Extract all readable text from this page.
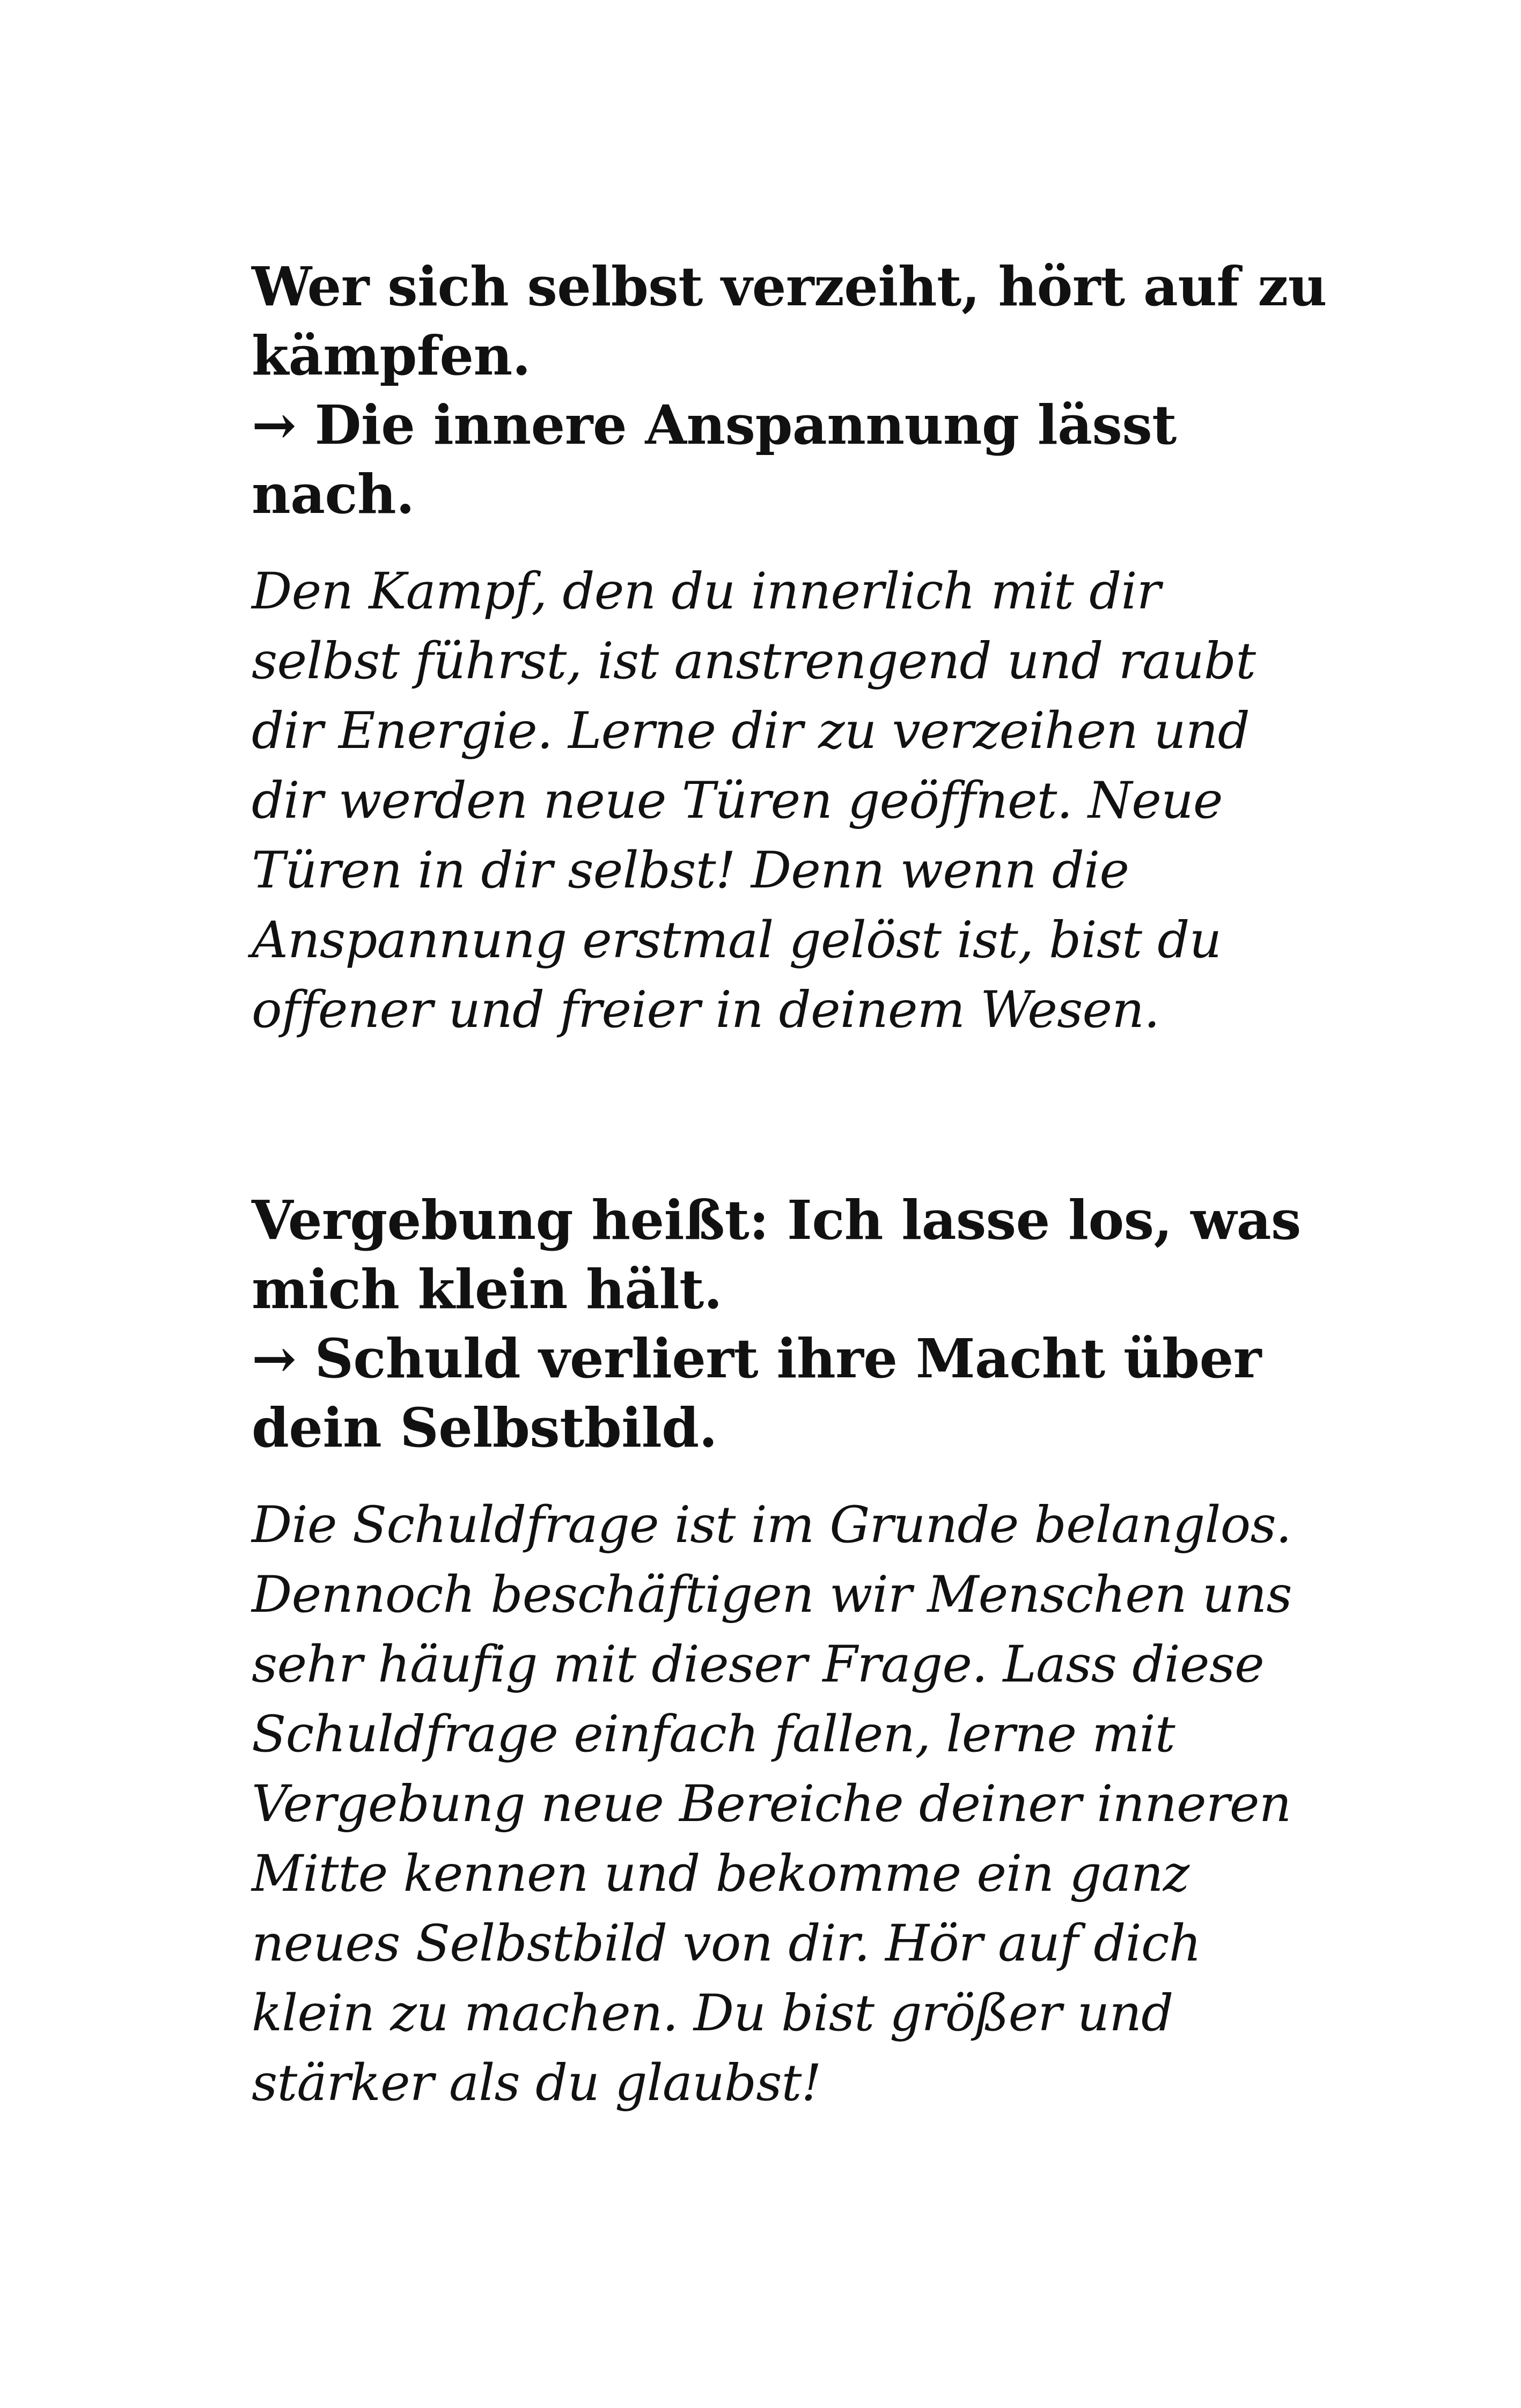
Wer sich selbst verzeiht, hört auf zu
kämpfen.
→ Die innere Anspannung lässt
nach.

Den Kampf, den du innerlich mit dir
selbst führst, ist anstrengend und raubt
dir Energie. Lerne dir zu verzeihen und
dir werden neue Türen geöffnet. Neue
Türen in dir selbst! Denn wenn die
Anspannung erstmal gelöst ist, bist du
offener und freier in deinem Wesen.

Vergebung heißt: Ich lasse los, was
mich klein hält.
→ Schuld verliert ihre Macht über
dein Selbstbild.

Die Schuldfrage ist im Grunde belanglos.
Dennoch beschäftigen wir Menschen uns
sehr häufig mit dieser Frage. Lass diese
Schuldfrage einfach fallen, lerne mit
Vergebung neue Bereiche deiner inneren
Mitte kennen und bekomme ein ganz
neues Selbstbild von dir. Hör auf dich
klein zu machen. Du bist größer und
stärker als du glaubst!
